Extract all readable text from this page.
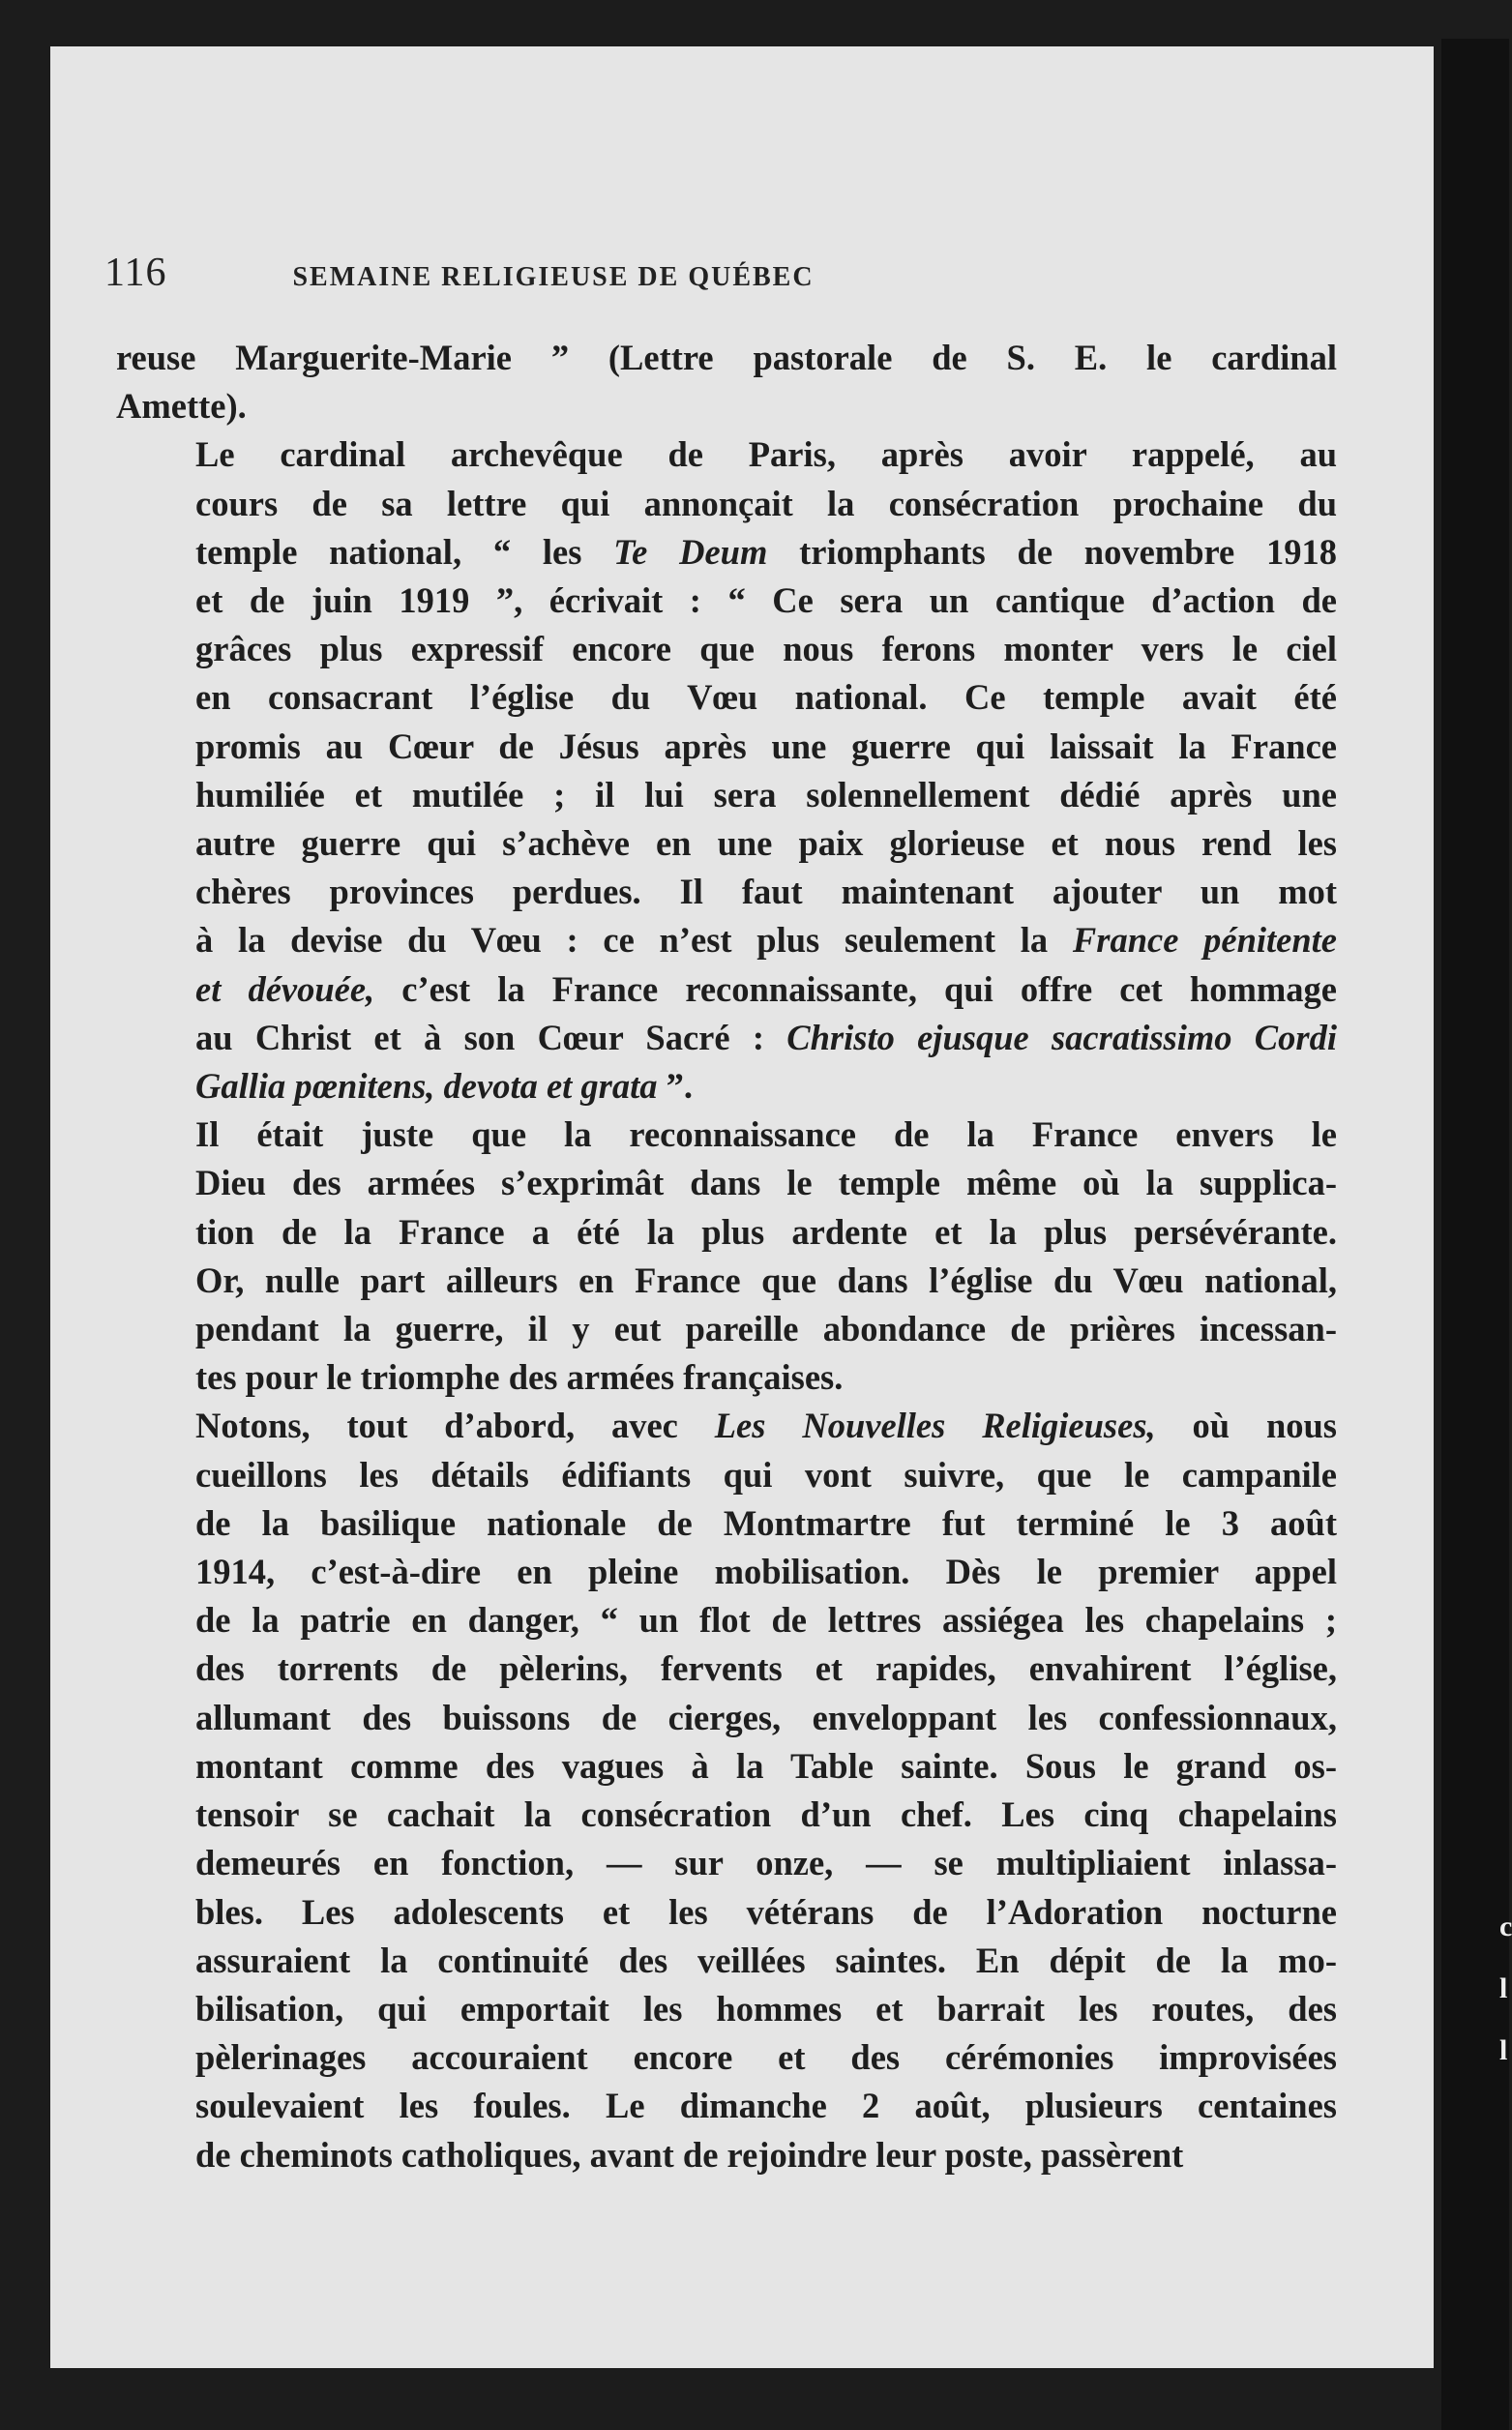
c
l
l
116	SEMAINE RELIGIEUSE DE QUÉBEC

reuse Marguerite-Marie ” (Lettre pastorale de S. E. le cardinal
Amette).

Le cardinal archevêque de Paris, après avoir rappelé, au
cours de sa lettre qui annonçait la consécration prochaine du
temple national, “ les Te Deum triomphants de novembre 1918
et de juin 1919 ”, écrivait : “ Ce sera un cantique d’action de
grâces plus expressif encore que nous ferons monter vers le ciel
en consacrant l’église du Vœu national. Ce temple avait été
promis au Cœur de Jésus après une guerre qui laissait la France
humiliée et mutilée ; il lui sera solennellement dédié après une
autre guerre qui s’achève en une paix glorieuse et nous rend les
chères provinces perdues. Il faut maintenant ajouter un mot
à la devise du Vœu : ce n’est plus seulement la France pénitente
et dévouée, c’est la France reconnaissante, qui offre cet hommage
au Christ et à son Cœur Sacré : Christo ejusque sacratissimo Cordi
Gallia pœnitens, devota et grata ”.

Il était juste que la reconnaissance de la France envers le
Dieu des armées s’exprimât dans le temple même où la supplica-
tion de la France a été la plus ardente et la plus persévérante.
Or, nulle part ailleurs en France que dans l’église du Vœu national,
pendant la guerre, il y eut pareille abondance de prières incessan-
tes pour le triomphe des armées françaises.

Notons, tout d’abord, avec Les Nouvelles Religieuses, où nous
cueillons les détails édifiants qui vont suivre, que le campanile
de la basilique nationale de Montmartre fut terminé le 3 août
1914, c’est-à-dire en pleine mobilisation. Dès le premier appel
de la patrie en danger, “ un flot de lettres assiégea les chapelains ;
des torrents de pèlerins, fervents et rapides, envahirent l’église,
allumant des buissons de cierges, enveloppant les confessionnaux,
montant comme des vagues à la Table sainte. Sous le grand os-
tensoir se cachait la consécration d’un chef. Les cinq chapelains
demeurés en fonction, — sur onze, — se multipliaient inlassa-
bles. Les adolescents et les vétérans de l’Adoration nocturne
assuraient la continuité des veillées saintes. En dépit de la mo-
bilisation, qui emportait les hommes et barrait les routes, des
pèlerinages accouraient encore et des cérémonies improvisées
soulevaient les foules. Le dimanche 2 août, plusieurs centaines
de cheminots catholiques, avant de rejoindre leur poste, passèrent
